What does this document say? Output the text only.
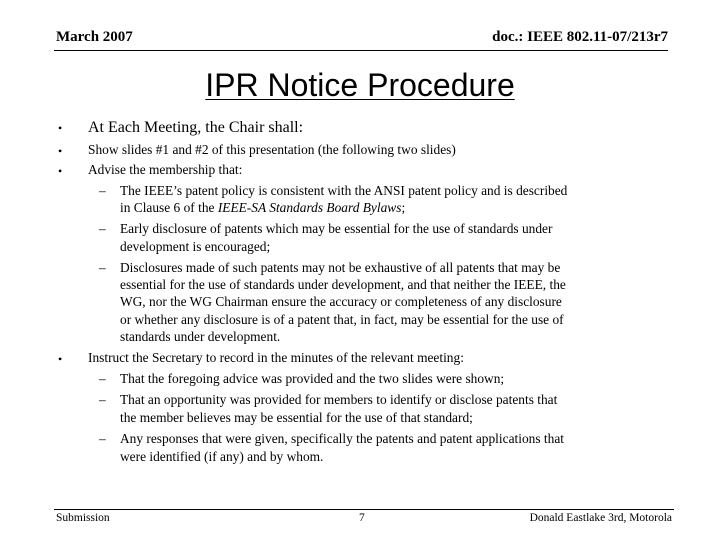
March 2007	doc.: IEEE 802.11-07/213r7
IPR Notice Procedure
• At Each Meeting, the Chair shall:
• Show slides #1 and #2 of this presentation (the following two slides)
• Advise the membership that:
– The IEEE’s patent policy is consistent with the ANSI patent policy and is described
in Clause 6 of the IEEE-SA Standards Board Bylaws;
– Early disclosure of patents which may be essential for the use of standards under
development is encouraged;
– Disclosures made of such patents may not be exhaustive of all patents that may be
essential for the use of standards under development, and that neither the IEEE, the
WG, nor the WG Chairman ensure the accuracy or completeness of any disclosure
or whether any disclosure is of a patent that, in fact, may be essential for the use of
standards under development.
• Instruct the Secretary to record in the minutes of the relevant meeting:
– That the foregoing advice was provided and the two slides were shown;
– That an opportunity was provided for members to identify or disclose patents that
the member believes may be essential for the use of that standard;
– Any responses that were given, specifically the patents and patent applications that
were identified (if any) and by whom.
Submission	7	Donald Eastlake 3rd, Motorola
